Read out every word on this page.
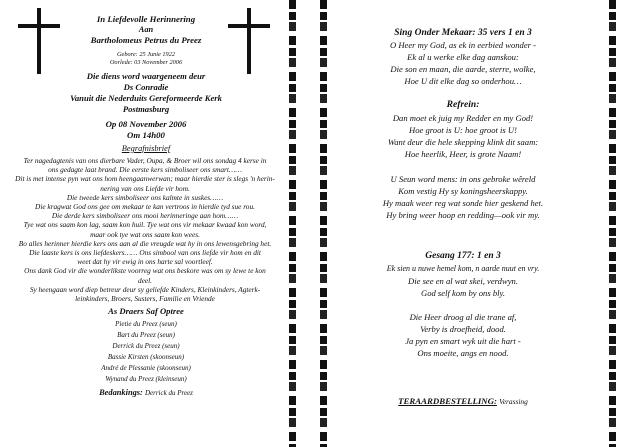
In Liefdevolle Herinnering
Aan
Bartholomeus Petrus du Preez
Gebore: 25 Junie 1922
Oorlede: 03 November 2006
Die diens word waargeneem deur
Ds Conradie
Vanuit die Nederduits Gereformeerde Kerk
Postmasburg
Op 08 November 2006
Om 14h00
Begrafnisbrief
Ter nagedagtenis van ons dierbare Vader, Oupa, & Broer wil ons sondag 4 kerse in
ons gedagte laat brand. Die eerste kers simboliseer ons smart……
Dit is met intense pyn wat ons hom heengaanwerwan; maar hierdie ster is slegs 'n herin-
nering van ons Liefde vir hom.
Die tweede kers simboliseer ons kalmte in suskes……
Die kragwat God ons gee om mekaar te kan vertroos in hierdie tyd sue rou.
Die derde kers simboliseer ons mooi herinneringe aan hom……
Tye wat ons saam kon lag, saam kon huil. Tye wat ons vir mekaar kwaad kon word,
maar ook tye wat ons saam kon wees.
Bo alles herinner hierdie kers ons aan al die vreugde wat hy in ons lewensgebring het.
Die laaste kers is ons liefdeskers…… Ons simbool van ons liefde vir hom en dit
weet dat hy vir ewig in ons harte sal voortleef.
Ons dank God vir die wonderlikste voorreg wat ons beskore was om sy lewe te kon
deel.
Sy heengaan word diep betreur deur sy geliefde Kinders, Kleinkinders, Agterk-
leinkinders, Broers, Susters, Familie en Vriende
As Draers Saf Optree
Pietie du Preez (seun)
Bart du Preez (seun)
Derrick du Preez (seun)
Bassie Kirsten (skoonseun)
André de Plessanie (skoonseun)
Wynand du Preez (kleinseun)
Bedankings: Derrick du Preez
Sing Onder Mekaar: 35 vers 1 en 3
O Heer my God, as ek in eerbied wonder -
Ek al u werke elke dag aanskou:
Die son en maan, die aarde, sterre, wolke,
Hoe U dit elke dag so onderhou…
Refrein:
Dan moet ek juig my Redder en my God!
Hoe groot is U: hoe groot is U!
Want deur die hele skepping klink dit saam:
Hoe heerlik, Heer, is grote Naam!
U Seun word mens: in ons gebroke wêreld
Kom vestig Hy sy koningsheerskappy.
Hy maak weer reg wat sonde hier geskend het.
Hy bring weer hoop en redding—ook vir my.
Gesang 177: 1 en 3
Ek sien u nuwe hemel kom, n aarde nuut en vry.
Die see en al wat skei, verdwyn.
God self kom by ons bly.
Die Heer droog al die trane af,
Verby is droefheid, dood.
Ja pyn en smart wyk uit die hart -
Ons moeite, angs en nood.
TERAARDBESTELLING: Verassing
